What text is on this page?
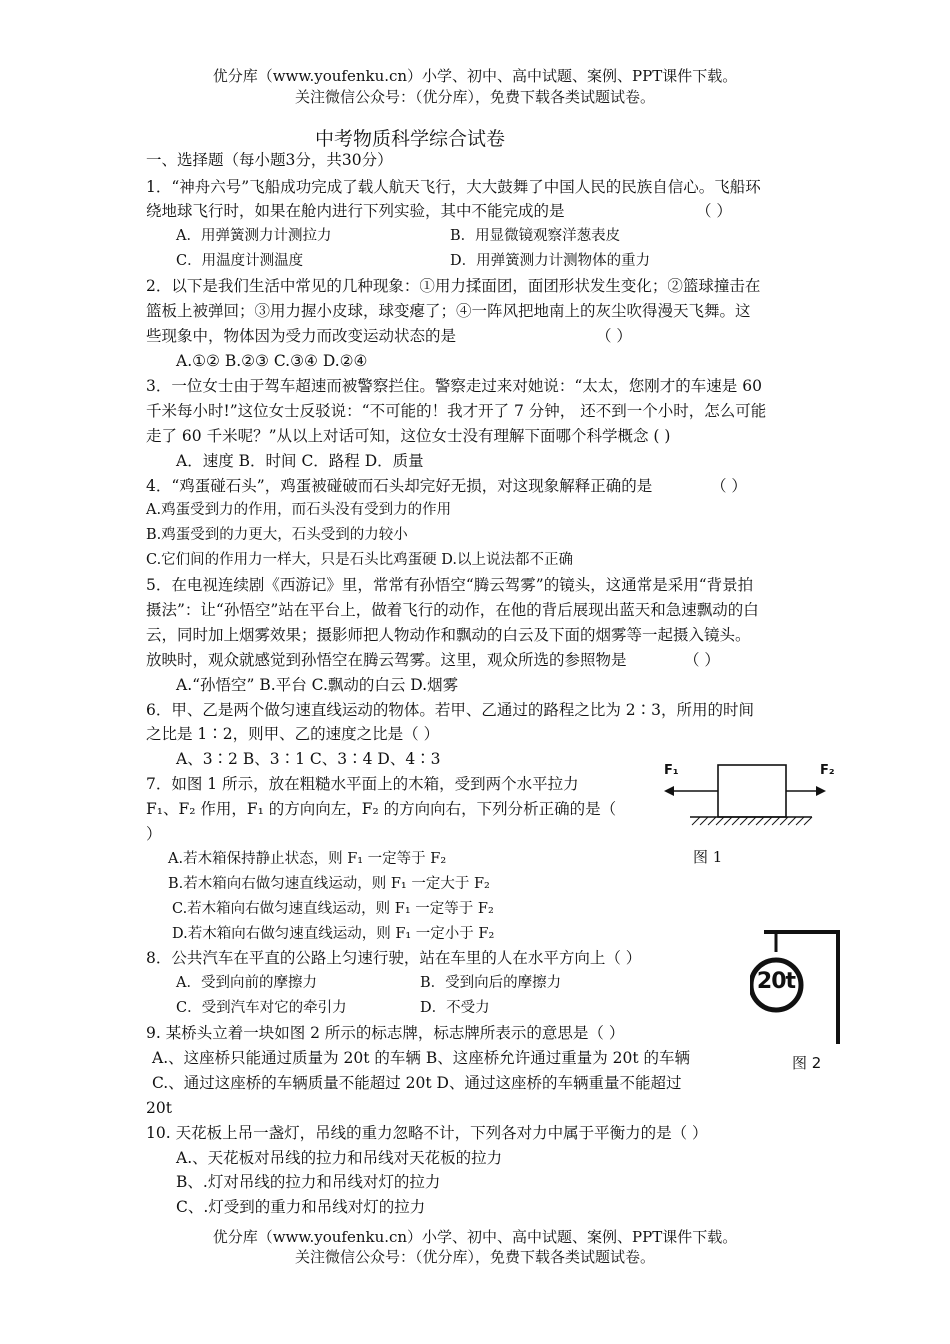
优分库（www.youfenku.cn）小学、初中、高中试题、案例、PPT课件下载。
关注微信公众号：（优分库），免费下载各类试题试卷。
中考物质科学综合试卷
一、选择题（每小题3分，共30分）
1．“神舟六号”飞船成功完成了载人航天飞行，大大鼓舞了中国人民的民族自信心。飞船环
绕地球飞行时，如果在舱内进行下列实验，其中不能完成的是	（ ）
A．用弹簧测力计测拉力	B．用显微镜观察洋葱表皮
C．用温度计测温度	D．用弹簧测力计测物体的重力
2．以下是我们生活中常见的几种现象：①用力揉面团，面团形状发生变化；②篮球撞击在
篮板上被弹回；③用力握小皮球，球变瘪了；④一阵风把地南上的灰尘吹得漫天飞舞。这
些现象中，物体因为受力而改变运动状态的是	（ ）
A.①② B.②③ C.③④ D.②④
3．一位女士由于驾车超速而被警察拦住。警察走过来对她说：“太太，您刚才的车速是 60
千米每小时!”这位女士反驳说：“不可能的！我才开了 7 分钟， 还不到一个小时，怎么可能
走了 60 千米呢？”从以上对话可知，这位女士没有理解下面哪个科学概念 ( )
A．速度 B．时间 C．路程 D．质量
4．“鸡蛋碰石头”，鸡蛋被碰破而石头却完好无损，对这现象解释正确的是	（ ）
A.鸡蛋受到力的作用，而石头没有受到力的作用
B.鸡蛋受到的力更大，石头受到的力较小
C.它们间的作用力一样大，只是石头比鸡蛋硬 D.以上说法都不正确
5．在电视连续剧《西游记》里，常常有孙悟空“腾云驾雾”的镜头，这通常是采用“背景拍
摄法”：让“孙悟空”站在平台上，做着飞行的动作，在他的背后展现出蓝天和急速飘动的白
云，同时加上烟雾效果；摄影师把人物动作和飘动的白云及下面的烟雾等一起摄入镜头。
放映时，观众就感觉到孙悟空在腾云驾雾。这里，观众所选的参照物是	（ ）
A.“孙悟空” B.平台 C.飘动的白云 D.烟雾
6．甲、乙是两个做匀速直线运动的物体。若甲、乙通过的路程之比为 2∶3，所用的时间
之比是 1∶2，则甲、乙的速度之比是（ ）
A、3∶2 B、3∶1 C、3∶4 D、4∶3
7．如图 1 所示，放在粗糙水平面上的木箱，受到两个水平拉力
F₁、F₂ 作用，F₁ 的方向向左，F₂ 的方向向右，下列分析正确的是（
）
A.若木箱保持静止状态，则 F₁ 一定等于 F₂
B.若木箱向右做匀速直线运动，则 F₁ 一定大于 F₂
C.若木箱向右做匀速直线运动，则 F₁ 一定等于 F₂
D.若木箱向右做匀速直线运动，则 F₁ 一定小于 F₂
F₁	F₂
图 1
20t
图 2
8．公共汽车在平直的公路上匀速行驶，站在车里的人在水平方向上（ ）
A．受到向前的摩擦力	B．受到向后的摩擦力
C．受到汽车对它的牵引力	D．不受力
9. 某桥头立着一块如图 2 所示的标志牌，标志牌所表示的意思是（ ）
A.、这座桥只能通过质量为 20t 的车辆 B、这座桥允许通过重量为 20t 的车辆
C.、通过这座桥的车辆质量不能超过 20t D、通过这座桥的车辆重量不能超过
20t
10. 天花板上吊一盏灯，吊线的重力忽略不计，下列各对力中属于平衡力的是（ ）
A.、天花板对吊线的拉力和吊线对天花板的拉力
B、.灯对吊线的拉力和吊线对灯的拉力
C、.灯受到的重力和吊线对灯的拉力
优分库（www.youfenku.cn）小学、初中、高中试题、案例、PPT课件下载。
关注微信公众号：（优分库），免费下载各类试题试卷。
